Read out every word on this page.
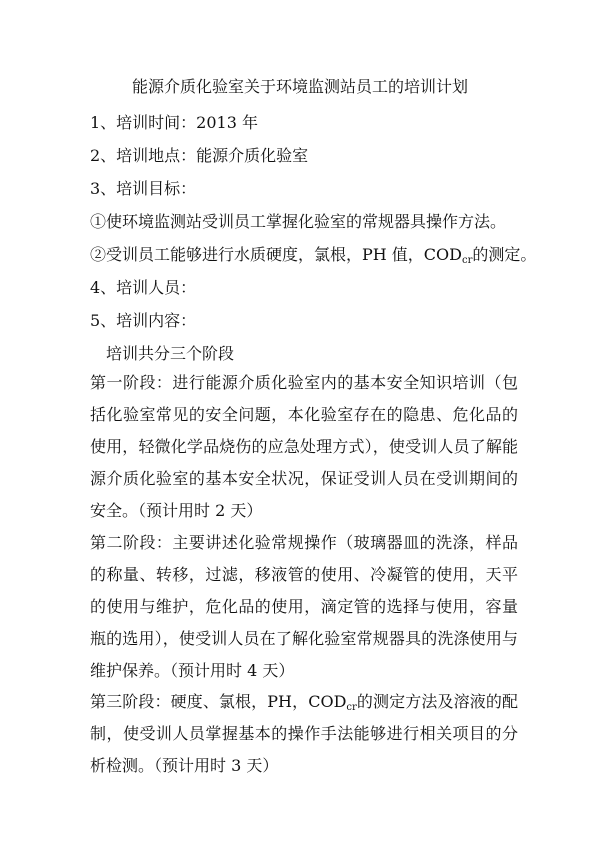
能源介质化验室关于环境监测站员工的培训计划
1、培训时间：2013 年
2、培训地点：能源介质化验室
3、培训目标：
①使环境监测站受训员工掌握化验室的常规器具操作方法。
②受训员工能够进行水质硬度，氯根，PH 值，$COD_{cr}$的测定。
4、培训人员：
5、培训内容：
培训共分三个阶段
第一阶段：进行能源介质化验室内的基本安全知识培训（包括化验室常见的安全问题，本化验室存在的隐患、危化品的使用，轻微化学品烧伤的应急处理方式），使受训人员了解能源介质化验室的基本安全状况，保证受训人员在受训期间的安全。（预计用时 2 天）
第二阶段：主要讲述化验常规操作（玻璃器皿的洗涤，样品的称量、转移，过滤，移液管的使用、冷凝管的使用，天平的使用与维护，危化品的使用，滴定管的选择与使用，容量瓶的选用），使受训人员在了解化验室常规器具的洗涤使用与维护保养。（预计用时 4 天）
第三阶段：硬度、氯根，PH，$COD_{cr}$的测定方法及溶液的配制，使受训人员掌握基本的操作手法能够进行相关项目的分析检测。（预计用时 3 天）
